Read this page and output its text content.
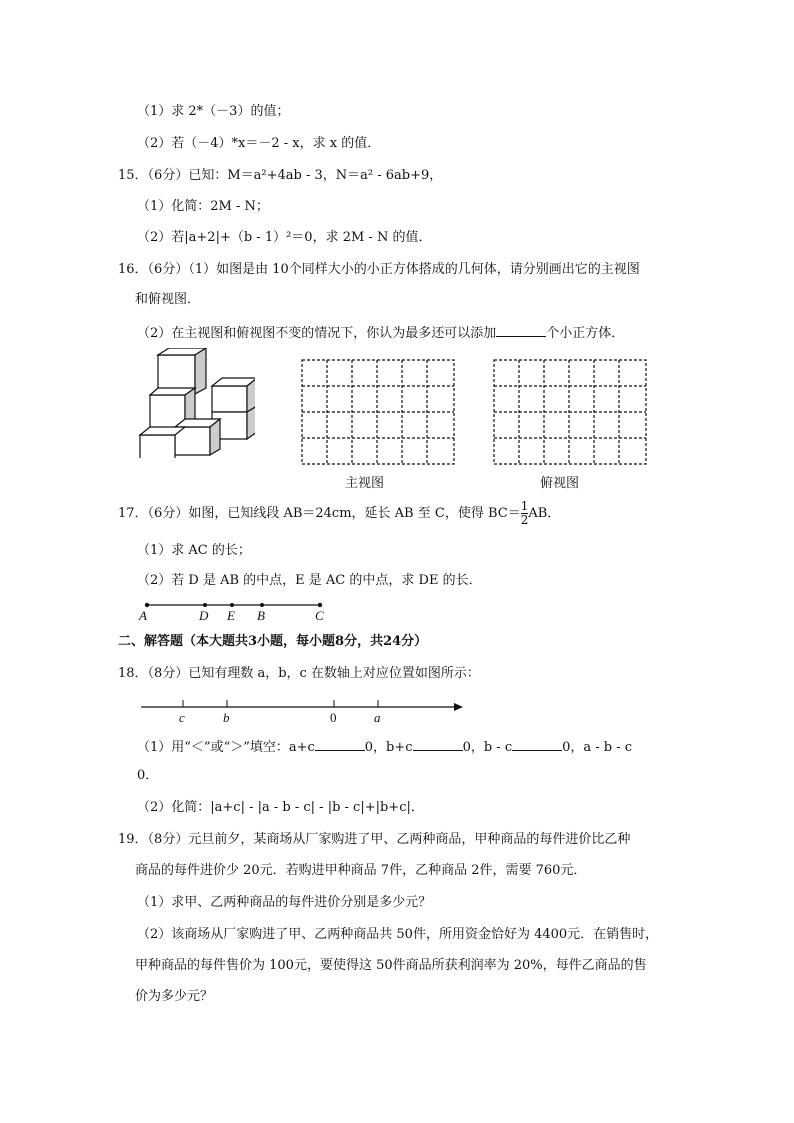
（1）求 2*（－3）的值；
（2）若（－4）*x＝－2 - x，求 x 的值．
15．（6分）已知：M＝a²+4ab - 3，N＝a² - 6ab+9，
（1）化简：2M - N；
（2）若|a+2|+（b - 1）²＝0，求 2M - N 的值．
16．（6分）（1）如图是由 10个同样大小的小正方体搭成的几何体，请分别画出它的主视图
和俯视图．
（2）在主视图和俯视图不变的情况下，你认为最多还可以添加	个小正方体．
主视图	俯视图
17．（6分）如图，已知线段 AB＝24cm，延长 AB 至 C，使得 $BC= \frac{1}{2}$ AB．
（1）求 AC 的长；
（2）若 D 是 AB 的中点，E 是 AC 的中点，求 DE 的长．
A	D E B	C
二、解答题（本大题共3小题，每小题8分，共24分）
18．（8分）已知有理数 a，b，c 在数轴上对应位置如图所示：
c	b	0	a
（1）用“＜”或“＞”填空：a+c	0，b+c	0，b - c	0，a - b - c
0．
（2）化简：|a+c| - |a - b - c| - |b - c|+|b+c|．
19．（8分）元旦前夕，某商场从厂家购进了甲、乙两种商品，甲种商品的每件进价比乙种
商品的每件进价少 20元．若购进甲种商品 7件，乙种商品 2件，需要 760元．
（1）求甲、乙两种商品的每件进价分别是多少元？
（2）该商场从厂家购进了甲、乙两种商品共 50件，所用资金恰好为 4400元．在销售时，
甲种商品的每件售价为 100元，要使得这 50件商品所获利润率为 20%，每件乙商品的售
价为多少元？
